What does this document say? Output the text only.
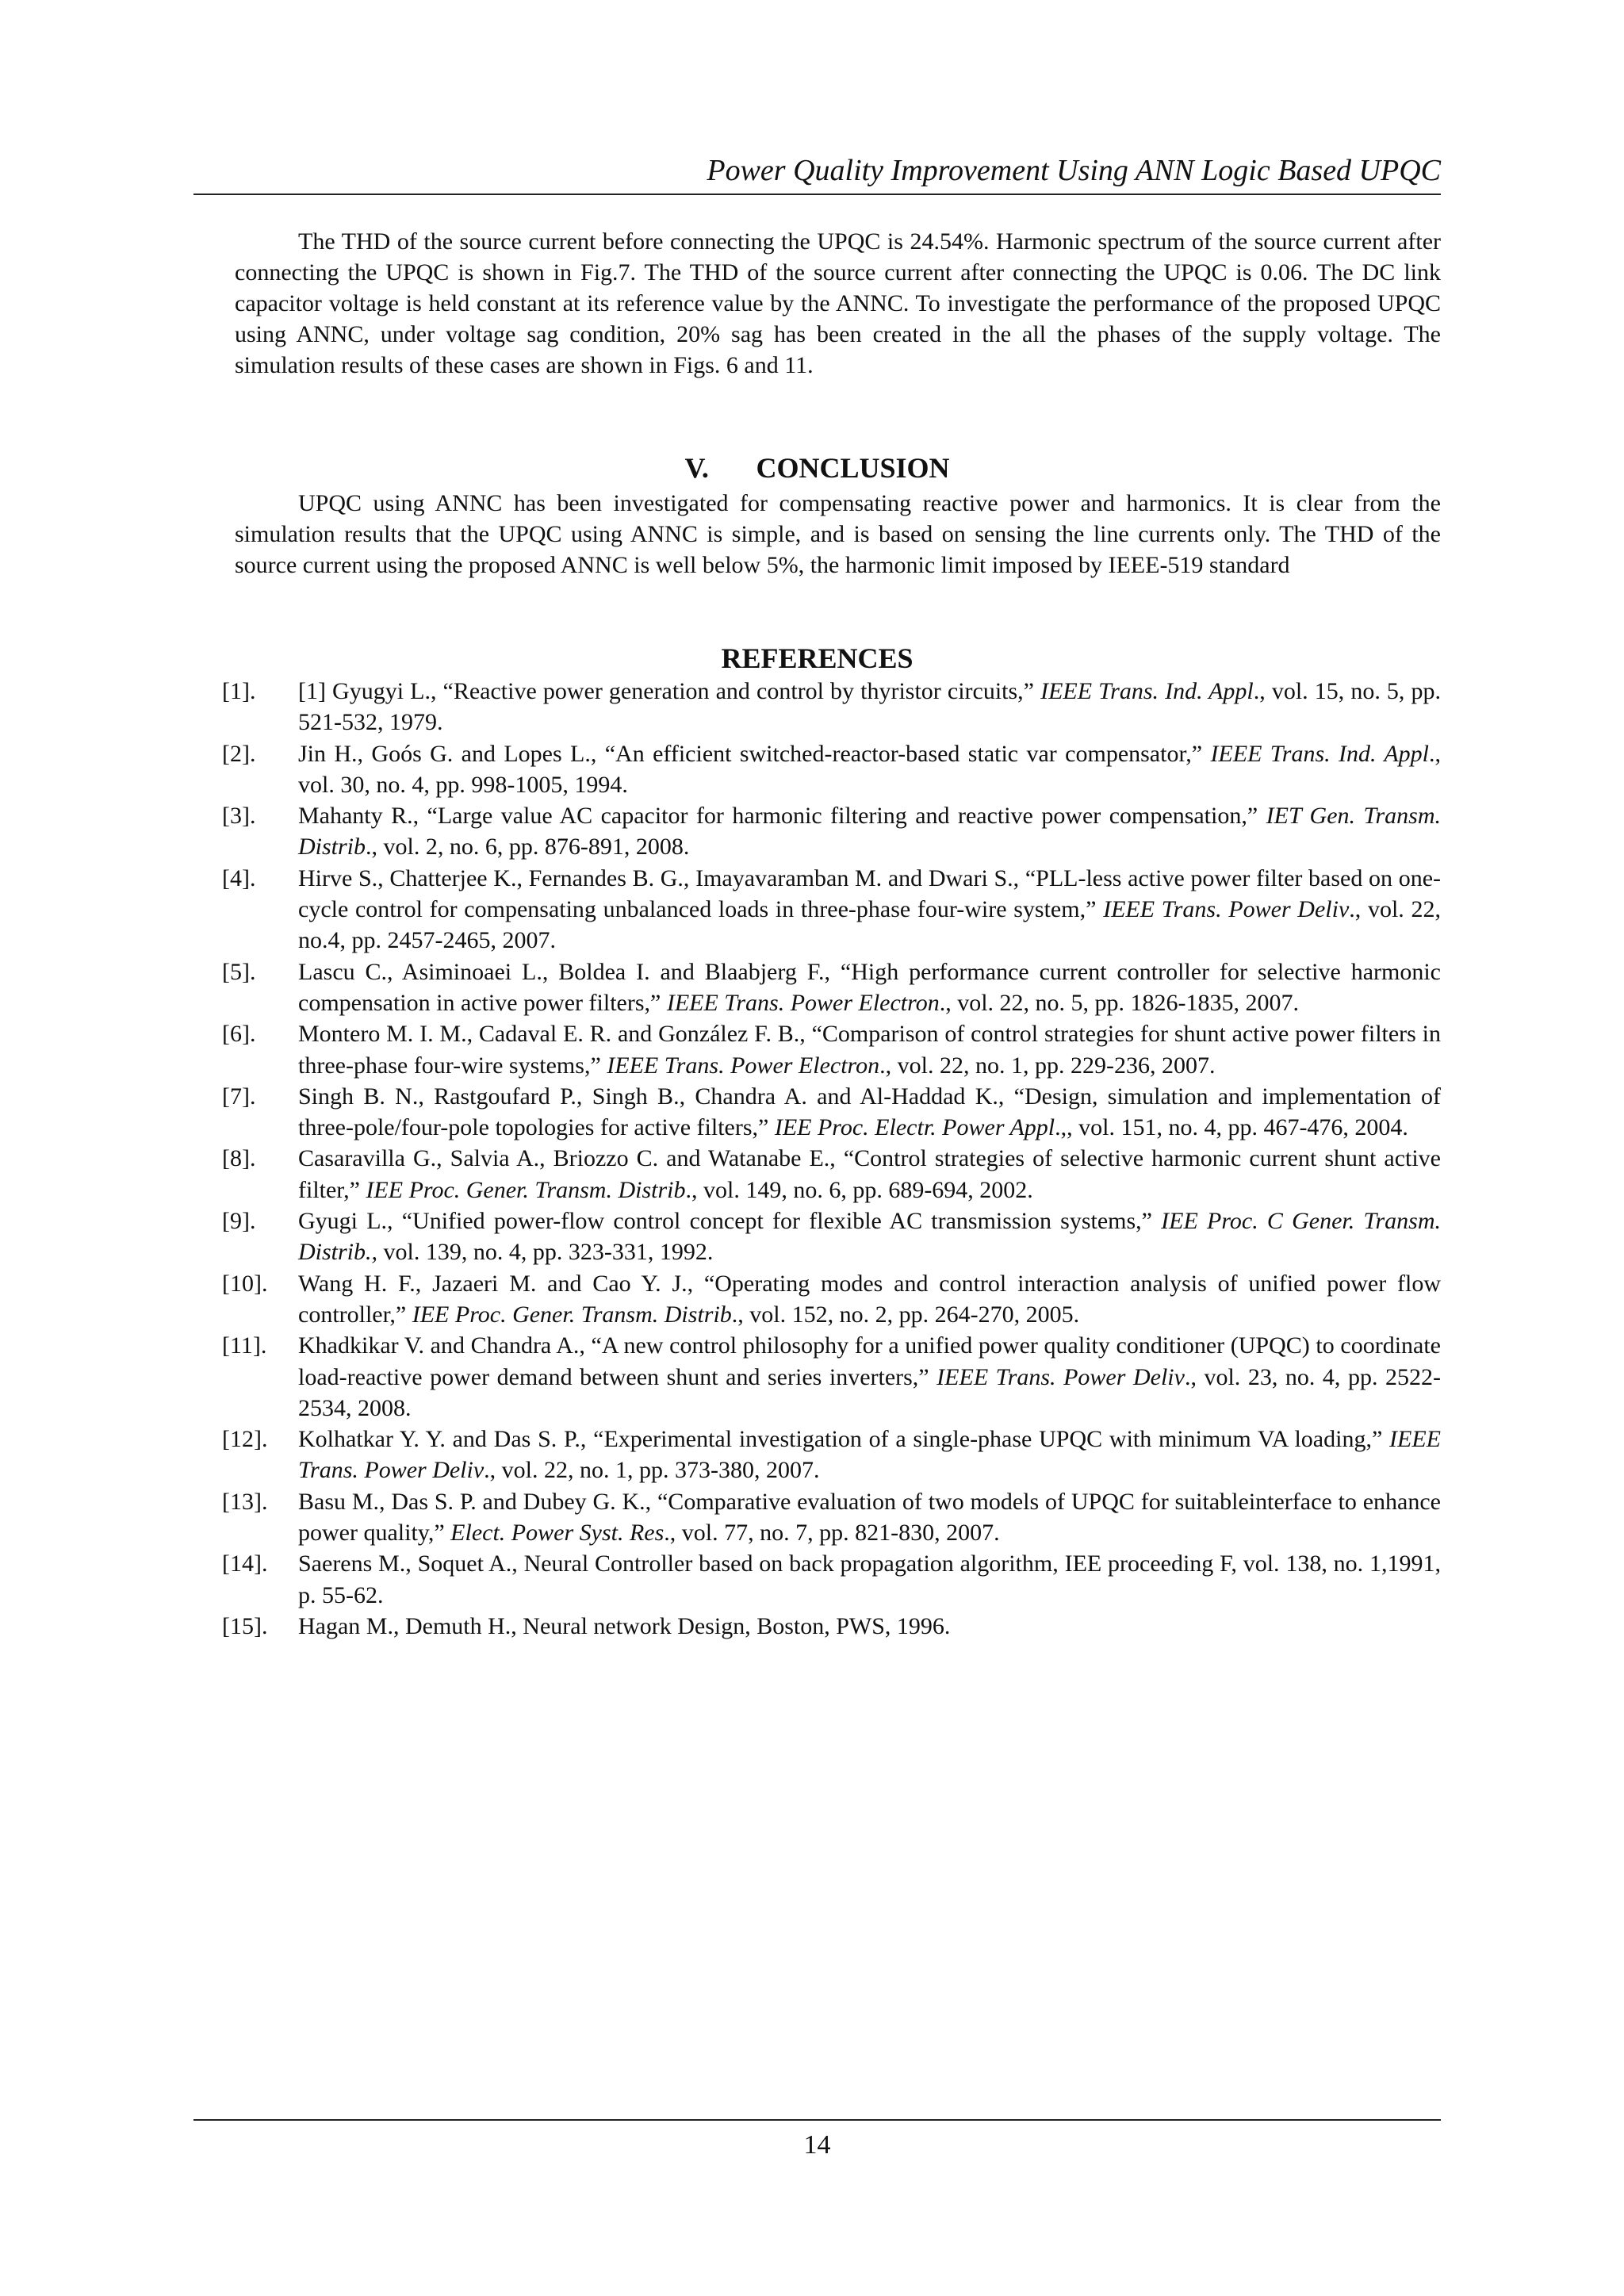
Power Quality Improvement Using ANN Logic Based UPQC
The THD of the source current before connecting the UPQC is 24.54%. Harmonic spectrum of the source current after connecting the UPQC is shown in Fig.7. The THD of the source current after connecting the UPQC is 0.06. The DC link capacitor voltage is held constant at its reference value by the ANNC. To investigate the performance of the proposed UPQC using ANNC, under voltage sag condition, 20% sag has been created in the all the phases of the supply voltage. The simulation results of these cases are shown in Figs. 6 and 11.
V. CONCLUSION
UPQC using ANNC has been investigated for compensating reactive power and harmonics. It is clear from the simulation results that the UPQC using ANNC is simple, and is based on sensing the line currents only. The THD of the source current using the proposed ANNC is well below 5%, the harmonic limit imposed by IEEE-519 standard
REFERENCES
[1].	[1] Gyugyi L., “Reactive power generation and control by thyristor circuits,” IEEE Trans. Ind. Appl., vol. 15, no. 5, pp. 521-532, 1979.
[2].	Jin H., Goós G. and Lopes L., “An efficient switched-reactor-based static var compensator,” IEEE Trans. Ind. Appl., vol. 30, no. 4, pp. 998-1005, 1994.
[3].	Mahanty R., “Large value AC capacitor for harmonic filtering and reactive power compensation,” IET Gen. Transm. Distrib., vol. 2, no. 6, pp. 876-891, 2008.
[4].	Hirve S., Chatterjee K., Fernandes B. G., Imayavaramban M. and Dwari S., “PLL-less active power filter based on one-cycle control for compensating unbalanced loads in three-phase four-wire system,” IEEE Trans. Power Deliv., vol. 22, no.4, pp. 2457-2465, 2007.
[5].	Lascu C., Asiminoaei L., Boldea I. and Blaabjerg F., “High performance current controller for selective harmonic compensation in active power filters,” IEEE Trans. Power Electron., vol. 22, no. 5, pp. 1826-1835, 2007.
[6].	Montero M. I. M., Cadaval E. R. and González F. B., “Comparison of control strategies for shunt active power filters in three-phase four-wire systems,” IEEE Trans. Power Electron., vol. 22, no. 1, pp. 229-236, 2007.
[7].	Singh B. N., Rastgoufard P., Singh B., Chandra A. and Al-Haddad K., “Design, simulation and implementation of three-pole/four-pole topologies for active filters,” IEE Proc. Electr. Power Appl.,, vol. 151, no. 4, pp. 467-476, 2004.
[8].	Casaravilla G., Salvia A., Briozzo C. and Watanabe E., “Control strategies of selective harmonic current shunt active filter,” IEE Proc. Gener. Transm. Distrib., vol. 149, no. 6, pp. 689-694, 2002.
[9].	Gyugi L., “Unified power-flow control concept for flexible AC transmission systems,” IEE Proc. C Gener. Transm. Distrib., vol. 139, no. 4, pp. 323-331, 1992.
[10].	Wang H. F., Jazaeri M. and Cao Y. J., “Operating modes and control interaction analysis of unified power flow controller,” IEE Proc. Gener. Transm. Distrib., vol. 152, no. 2, pp. 264-270, 2005.
[11].	Khadkikar V. and Chandra A., “A new control philosophy for a unified power quality conditioner (UPQC) to coordinate load-reactive power demand between shunt and series inverters,” IEEE Trans. Power Deliv., vol. 23, no. 4, pp. 2522-2534, 2008.
[12].	Kolhatkar Y. Y. and Das S. P., “Experimental investigation of a single-phase UPQC with minimum VA loading,” IEEE Trans. Power Deliv., vol. 22, no. 1, pp. 373-380, 2007.
[13].	Basu M., Das S. P. and Dubey G. K., “Comparative evaluation of two models of UPQC for suitableinterface to enhance power quality,” Elect. Power Syst. Res., vol. 77, no. 7, pp. 821-830, 2007.
[14].	Saerens M., Soquet A., Neural Controller based on back propagation algorithm, IEE proceeding F, vol. 138, no. 1,1991, p. 55-62.
[15].	Hagan M., Demuth H., Neural network Design, Boston, PWS, 1996.
14
